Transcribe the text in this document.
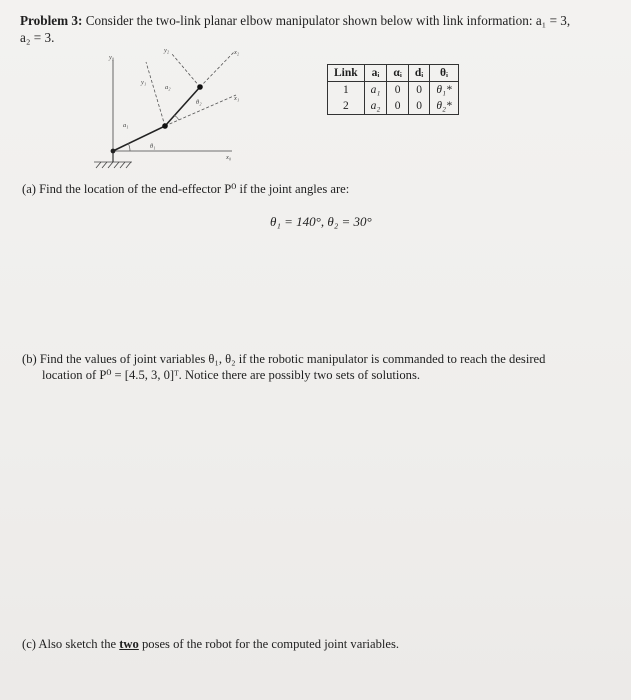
Problem 3: Consider the two-link planar elbow manipulator shown below with link information: a₁ = 3,
a₂ = 3.
y₀
x₀
y₂	x₂
y₁
x₁
a₂
a₁
θ₁
θ₂
Link	aᵢ	αᵢ	dᵢ	θᵢ
1	a₁	0	0	θ₁*
2	a₂	0	0	θ₂*
(a) Find the location of the end-effector P⁰ if the joint angles are:
θ₁ = 140°, θ₂ = 30°
(b) Find the values of joint variables θ₁, θ₂ if the robotic manipulator is commanded to reach the desired
location of P⁰ = [4.5, 3, 0]ᵀ. Notice there are possibly two sets of solutions.
(c) Also sketch the two poses of the robot for the computed joint variables.
